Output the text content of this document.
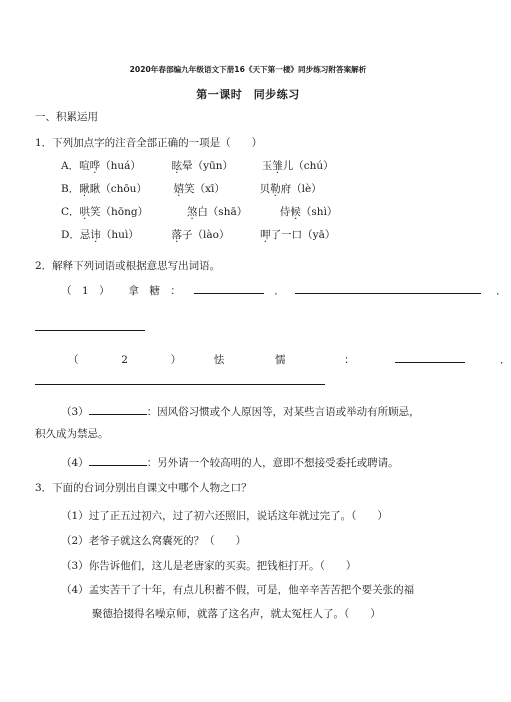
2020年春部编九年级语文下册16《天下第一楼》同步练习附答案解析
第一课时　同步练习
一、积累运用
1．下列加点字的注音全部正确的一项是（　　）
A．喧哗（huá）	眩晕（yūn）	玉雏儿（chú）
B．瞅瞅（chōu）	嬉笑（xī）	贝勒府（lè）
C．哄笑（hōng）	煞白（shā）	侍候（shì）
D．忌讳（huì）	落子（lào）	呷了一口（yā）
2．解释下列词语或根据意思写出词语。
（　1　） 拿　糖　：	．	．
（	2	）	怯	懦	：	．
（3）	：因风俗习惯或个人原因等，对某些言语或举动有所顾忌，
积久成为禁忌。
（4）	：另外请一个较高明的人，意即不想接受委托或聘请。
3．下面的台词分别出自课文中哪个人物之口？
（1）过了正五过初六，过了初六还照旧，说话这年就过完了。（　　）
（2）老爷子就这么窝囊死的？（　　）
（3）你告诉他们，这儿是老唐家的买卖。把钱柜打开。（　　）
（4）孟实苦干了十年，有点儿积蓄不假，可是，他辛辛苦苦把个要关张的福
聚德拾掇得名噪京师，就落了这名声，就太冤枉人了。（　　）
